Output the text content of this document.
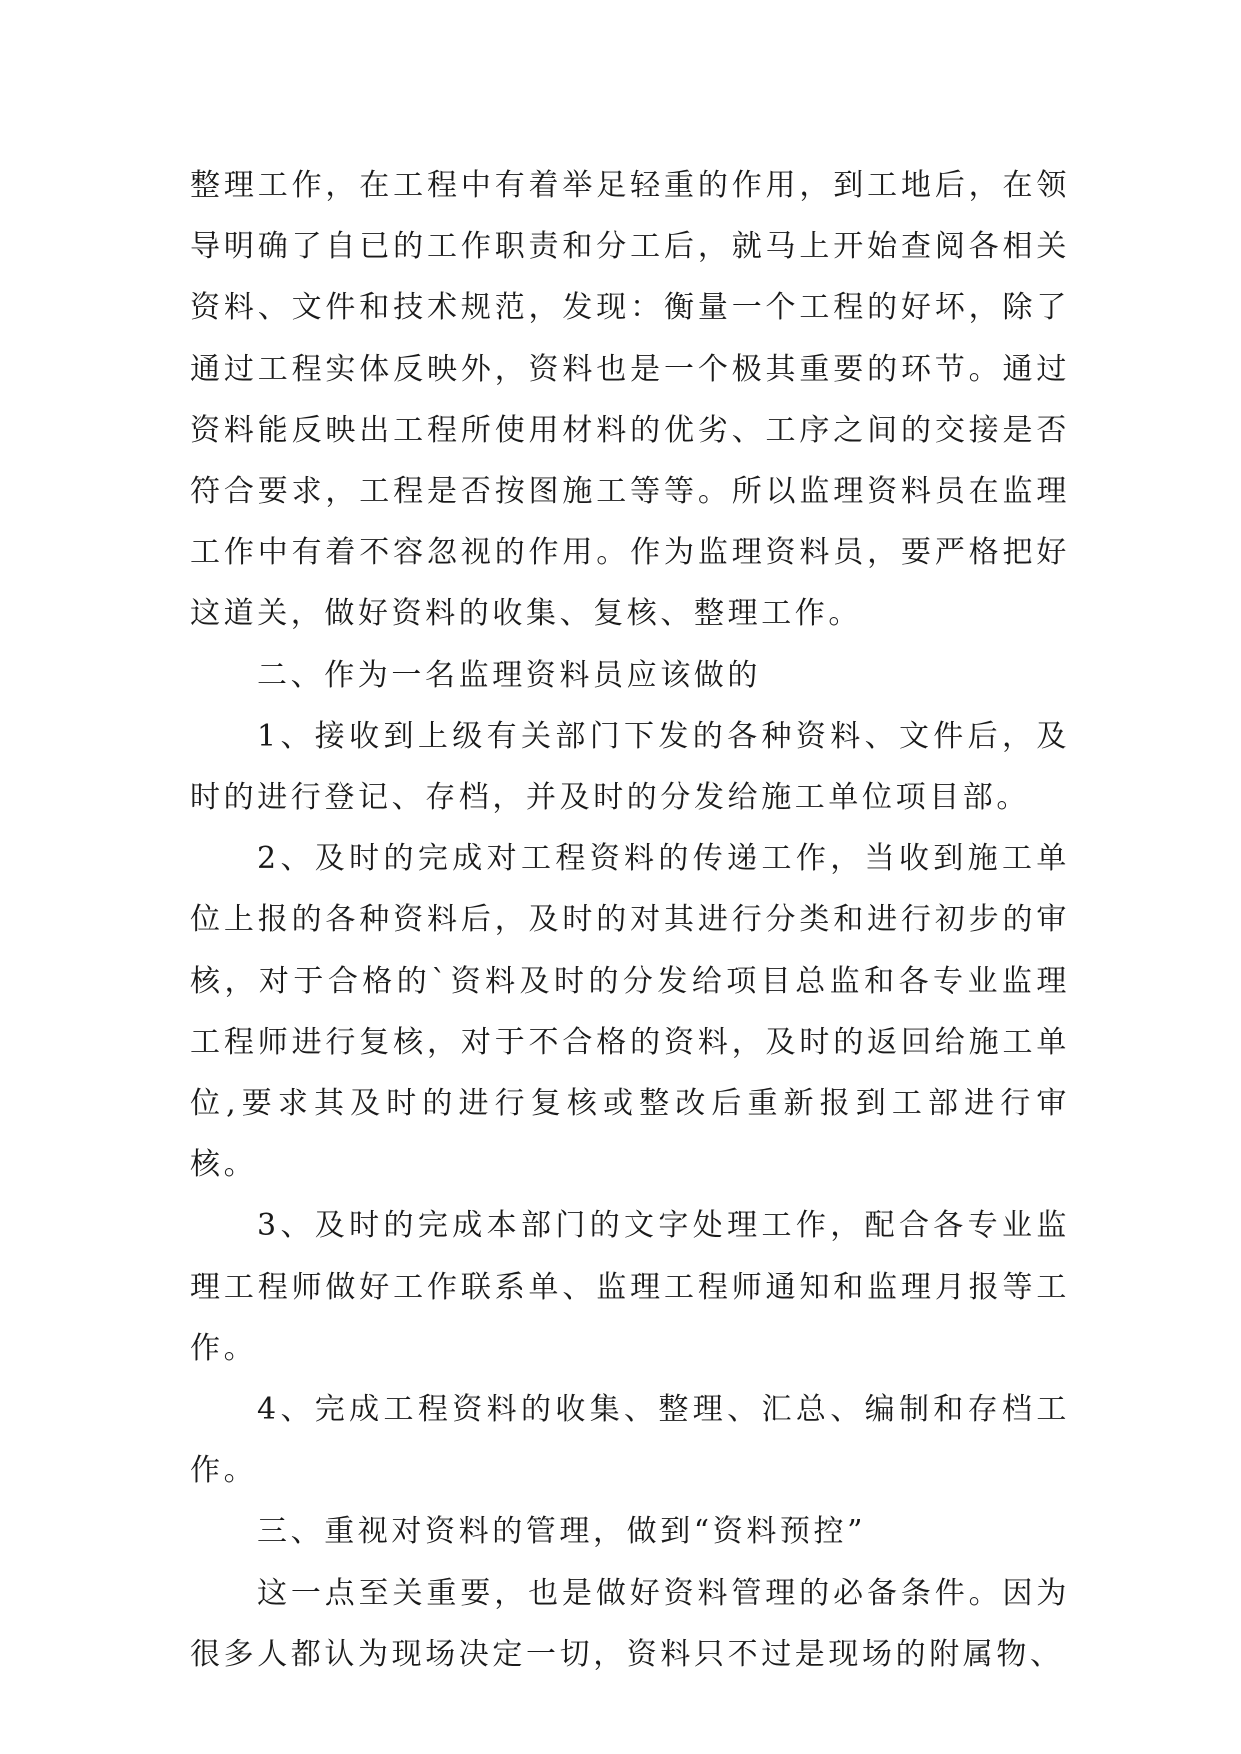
整理工作，在工程中有着举足轻重的作用，到工地后，在领导明确了自已的工作职责和分工后，就马上开始查阅各相关资料、文件和技术规范，发现：衡量一个工程的好坏，除了通过工程实体反映外，资料也是一个极其重要的环节。通过资料能反映出工程所使用材料的优劣、工序之间的交接是否符合要求，工程是否按图施工等等。所以监理资料员在监理工作中有着不容忽视的作用。作为监理资料员，要严格把好这道关，做好资料的收集、复核、整理工作。

二、作为一名监理资料员应该做的

1、接收到上级有关部门下发的各种资料、文件后，及时的进行登记、存档，并及时的分发给施工单位项目部。

2、及时的完成对工程资料的传递工作，当收到施工单位上报的各种资料后，及时的对其进行分类和进行初步的审核，对于合格的`资料及时的分发给项目总监和各专业监理工程师进行复核，对于不合格的资料，及时的返回给施工单位,要求其及时的进行复核或整改后重新报到工部进行审核。

3、及时的完成本部门的文字处理工作，配合各专业监理工程师做好工作联系单、监理工程师通知和监理月报等工作。

4、完成工程资料的收集、整理、汇总、编制和存档工作。

三、重视对资料的管理，做到“资料预控”

这一点至关重要，也是做好资料管理的必备条件。因为很多人都认为现场决定一切，资料只不过是现场的附属物、
